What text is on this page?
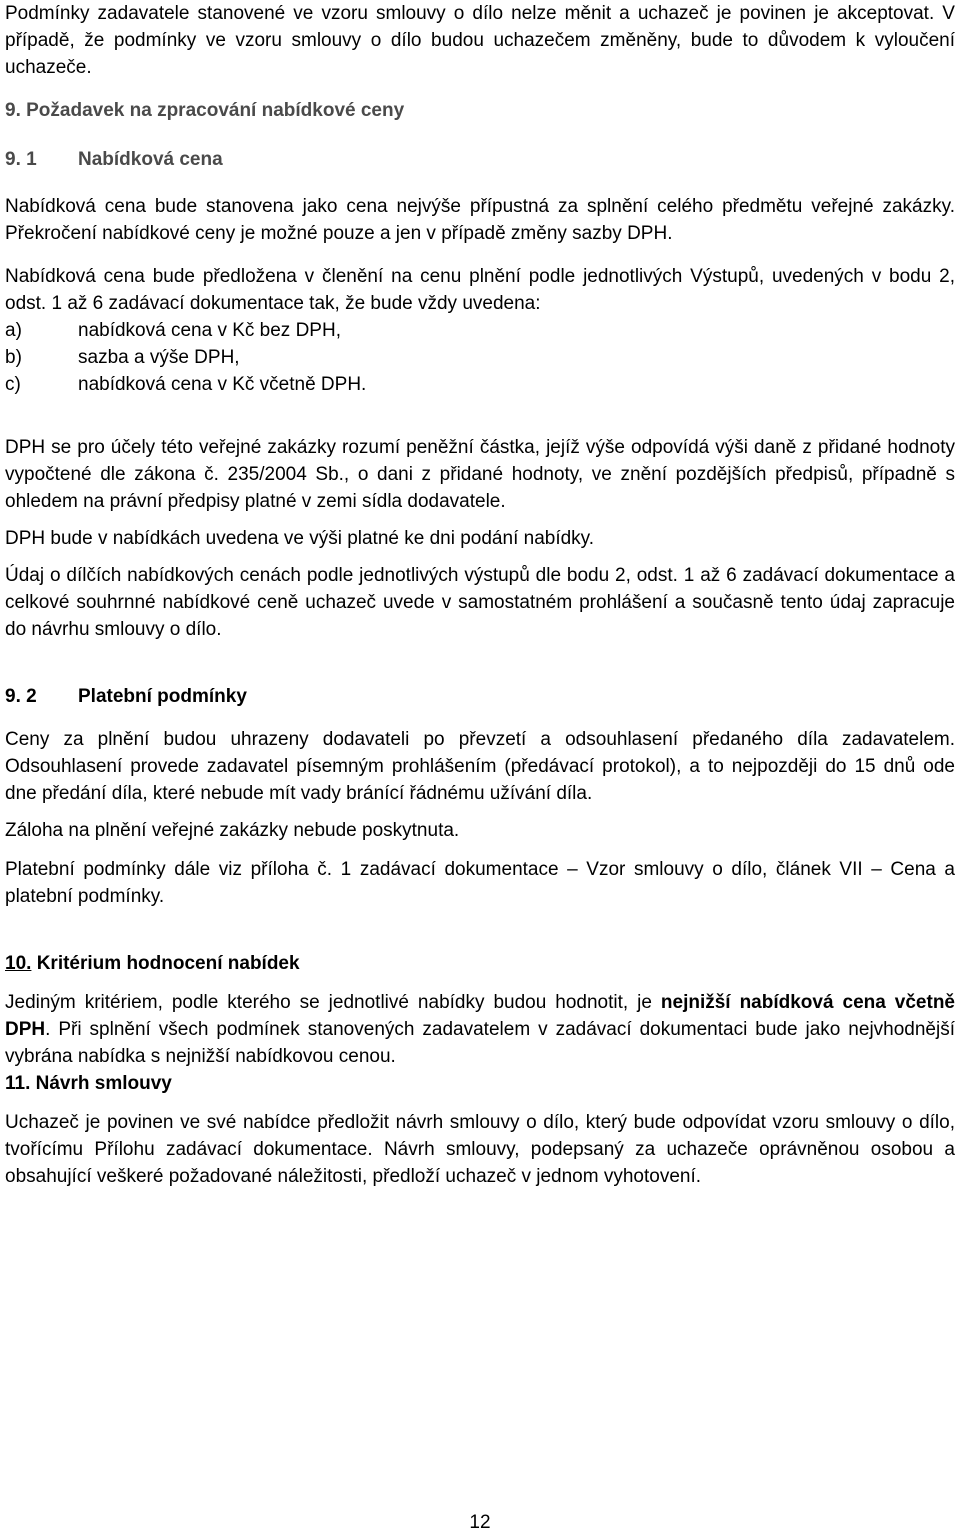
Podmínky zadavatele stanovené ve vzoru smlouvy o dílo nelze měnit a uchazeč je povinen je akceptovat. V případě, že podmínky ve vzoru smlouvy o dílo budou uchazečem změněny, bude to důvodem k vyloučení uchazeče.

9. Požadavek na zpracování nabídkové ceny

9. 1	Nabídková cena

Nabídková cena bude stanovena jako cena nejvýše přípustná za splnění celého předmětu veřejné zakázky. Překročení nabídkové ceny je možné pouze a jen v případě změny sazby DPH.

Nabídková cena bude předložena v členění na cenu plnění podle jednotlivých Výstupů, uvedených v bodu 2, odst. 1 až 6 zadávací dokumentace tak, že bude vždy uvedena:

a)	nabídková cena v Kč bez DPH,
b)	sazba a výše DPH,
c)	nabídková cena v Kč včetně DPH.

DPH se pro účely této veřejné zakázky rozumí peněžní částka, jejíž výše odpovídá výši daně z přidané hodnoty vypočtené dle zákona č. 235/2004 Sb., o dani z přidané hodnoty, ve znění pozdějších předpisů, případně s ohledem na právní předpisy platné v zemi sídla dodavatele.

DPH bude v nabídkách uvedena ve výši platné ke dni podání nabídky.

Údaj o dílčích nabídkových cenách podle jednotlivých výstupů dle bodu 2, odst. 1 až 6 zadávací dokumentace a celkové souhrnné nabídkové ceně uchazeč uvede v samostatném prohlášení a současně tento údaj zapracuje do návrhu smlouvy o dílo.

9. 2	Platební podmínky

Ceny za plnění budou uhrazeny dodavateli po převzetí a odsouhlasení předaného díla zadavatelem. Odsouhlasení provede zadavatel písemným prohlášením (předávací protokol), a to nejpozději do 15 dnů ode dne předání díla, které nebude mít vady bránící řádnému užívání díla.

Záloha na plnění veřejné zakázky nebude poskytnuta.

Platební podmínky dále viz příloha č. 1 zadávací dokumentace – Vzor smlouvy o dílo, článek VII – Cena a platební podmínky.

10. Kritérium hodnocení nabídek

Jediným kritériem, podle kterého se jednotlivé nabídky budou hodnotit, je nejnižší nabídková cena včetně DPH. Při splnění všech podmínek stanovených zadavatelem v zadávací dokumentaci bude jako nejvhodnější vybrána nabídka s nejnižší nabídkovou cenou.

11. Návrh smlouvy

Uchazeč je povinen ve své nabídce předložit návrh smlouvy o dílo, který bude odpovídat vzoru smlouvy o dílo, tvořícímu Přílohu zadávací dokumentace. Návrh smlouvy, podepsaný za uchazeče oprávněnou osobou a obsahující veškeré požadované náležitosti, předloží uchazeč v jednom vyhotovení.

12
